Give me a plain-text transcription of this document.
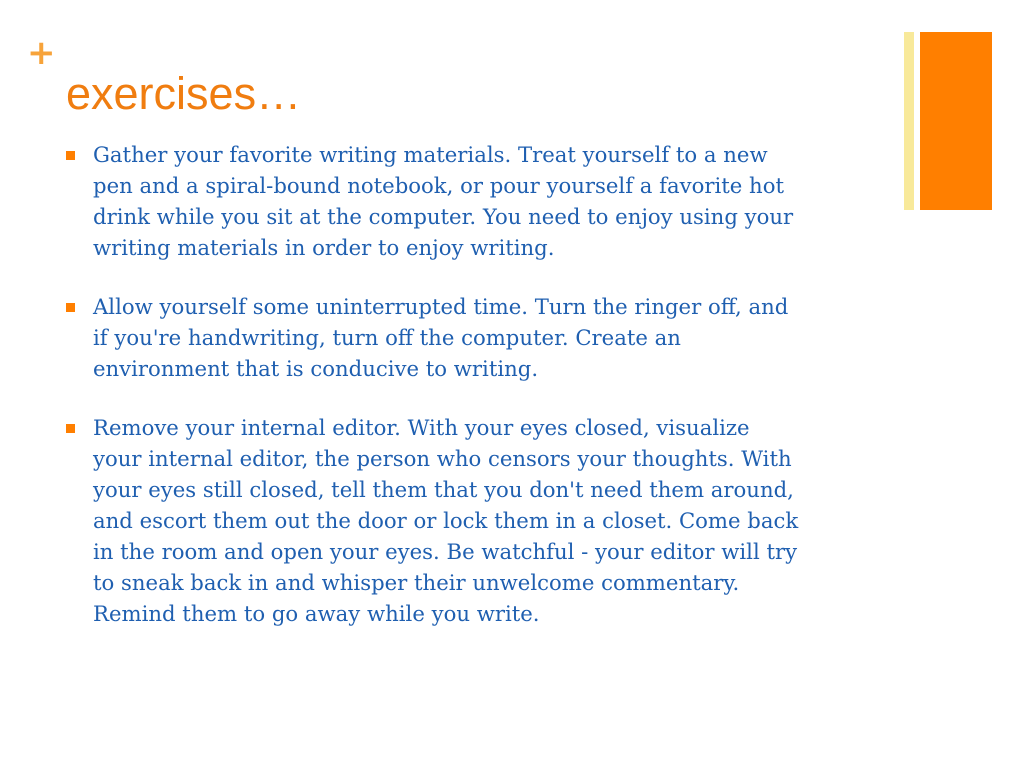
+
exercises…
Gather your favorite writing materials. Treat yourself to a new
pen and a spiral-bound notebook, or pour yourself a favorite hot
drink while you sit at the computer. You need to enjoy using your
writing materials in order to enjoy writing.
Allow yourself some uninterrupted time. Turn the ringer off, and
if you're handwriting, turn off the computer. Create an
environment that is conducive to writing.
Remove your internal editor. With your eyes closed, visualize
your internal editor, the person who censors your thoughts. With
your eyes still closed, tell them that you don't need them around,
and escort them out the door or lock them in a closet. Come back
in the room and open your eyes. Be watchful - your editor will try
to sneak back in and whisper their unwelcome commentary.
Remind them to go away while you write.
